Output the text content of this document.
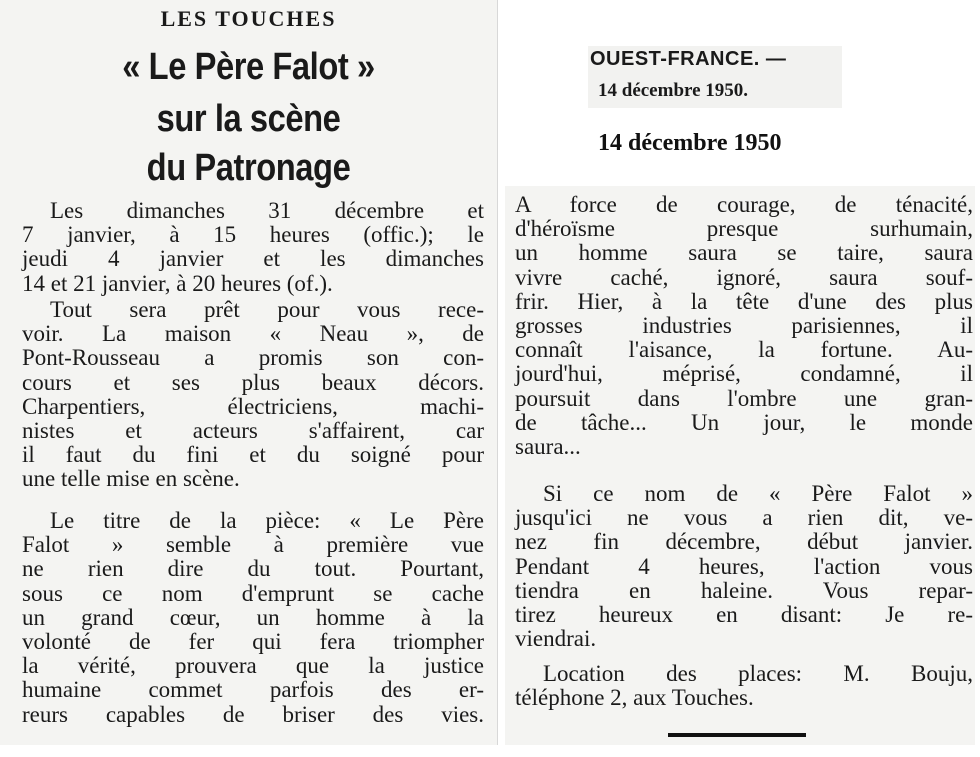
LES TOUCHES
« Le Père Falot »
sur la scène
du Patronage
Les dimanches 31 décembre et
7 janvier, à 15 heures (offic.); le
jeudi 4 janvier et les dimanches
14 et 21 janvier, à 20 heures (of.).
Tout sera prêt pour vous rece-
voir. La maison « Neau », de
Pont-Rousseau a promis son con-
cours et ses plus beaux décors.
Charpentiers, électriciens, machi-
nistes et acteurs s'affairent, car
il faut du fini et du soigné pour
une telle mise en scène.
Le titre de la pièce: « Le Père
Falot » semble à première vue
ne rien dire du tout. Pourtant,
sous ce nom d'emprunt se cache
un grand cœur, un homme à la
volonté de fer qui fera triompher
la vérité, prouvera que la justice
humaine commet parfois des er-
reurs capables de briser des vies.
OUEST-FRANCE. —
14 décembre 1950.
14 décembre 1950
A force de courage, de ténacité,
d'héroïsme presque surhumain,
un homme saura se taire, saura
vivre caché, ignoré, saura souf-
frir. Hier, à la tête d'une des plus
grosses industries parisiennes, il
connaît l'aisance, la fortune. Au-
jourd'hui, méprisé, condamné, il
poursuit dans l'ombre une gran-
de tâche... Un jour, le monde
saura...
Si ce nom de « Père Falot »
jusqu'ici ne vous a rien dit, ve-
nez fin décembre, début janvier.
Pendant 4 heures, l'action vous
tiendra en haleine. Vous repar-
tirez heureux en disant: Je re-
viendrai.
Location des places: M. Bouju,
téléphone 2, aux Touches.
